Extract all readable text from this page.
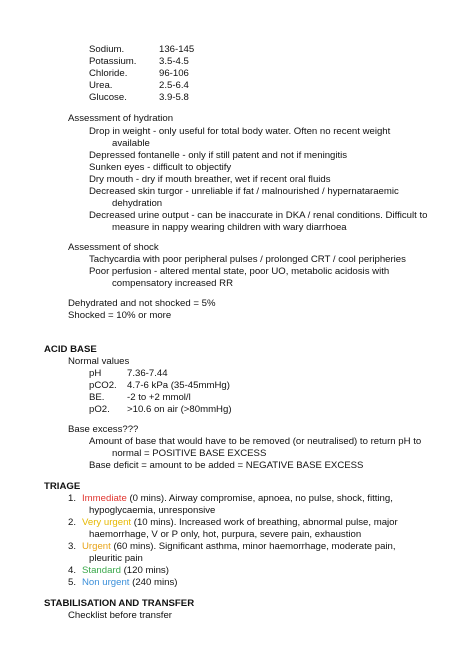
Sodium.	136-145
Potassium. 3.5-4.5
Chloride.	96-106
Urea.	2.5-6.4
Glucose.	3.9-5.8
Assessment of hydration
Drop in weight - only useful for total body water. Often no recent weight
available
Depressed fontanelle - only if still patent and not if meningitis
Sunken eyes - difficult to objectify
Dry mouth - dry if mouth breather, wet if recent oral fluids
Decreased skin turgor - unreliable if fat / malnourished / hypernataraemic
dehydration
Decreased urine output - can be inaccurate in DKA / renal conditions. Difficult to
measure in nappy wearing children with wary diarrhoea
Assessment of shock
Tachycardia with poor peripheral pulses / prolonged CRT / cool peripheries
Poor perfusion - altered mental state, poor UO, metabolic acidosis with
compensatory increased RR
Dehydrated and not shocked = 5%
Shocked = 10% or more
ACID BASE
Normal values
pH	7.36-7.44
pCO2. 4.7-6 kPa (35-45mmHg)
BE. -2 to +2 mmol/l
pO2. >10.6 on air (>80mmHg)
Base excess???
Amount of base that would have to be removed (or neutralised) to return pH to
normal = POSITIVE BASE EXCESS
Base deficit = amount to be added = NEGATIVE BASE EXCESS
TRIAGE
1. Immediate (0 mins). Airway compromise, apnoea, no pulse, shock, fitting,
hypoglycaemia, unresponsive
2. Very urgent (10 mins). Increased work of breathing, abnormal pulse, major
haemorrhage, V or P only, hot, purpura, severe pain, exhaustion
3. Urgent (60 mins). Significant asthma, minor haemorrhage, moderate pain,
pleuritic pain
4. Standard (120 mins)
5. Non urgent (240 mins)
STABILISATION AND TRANSFER
Checklist before transfer
